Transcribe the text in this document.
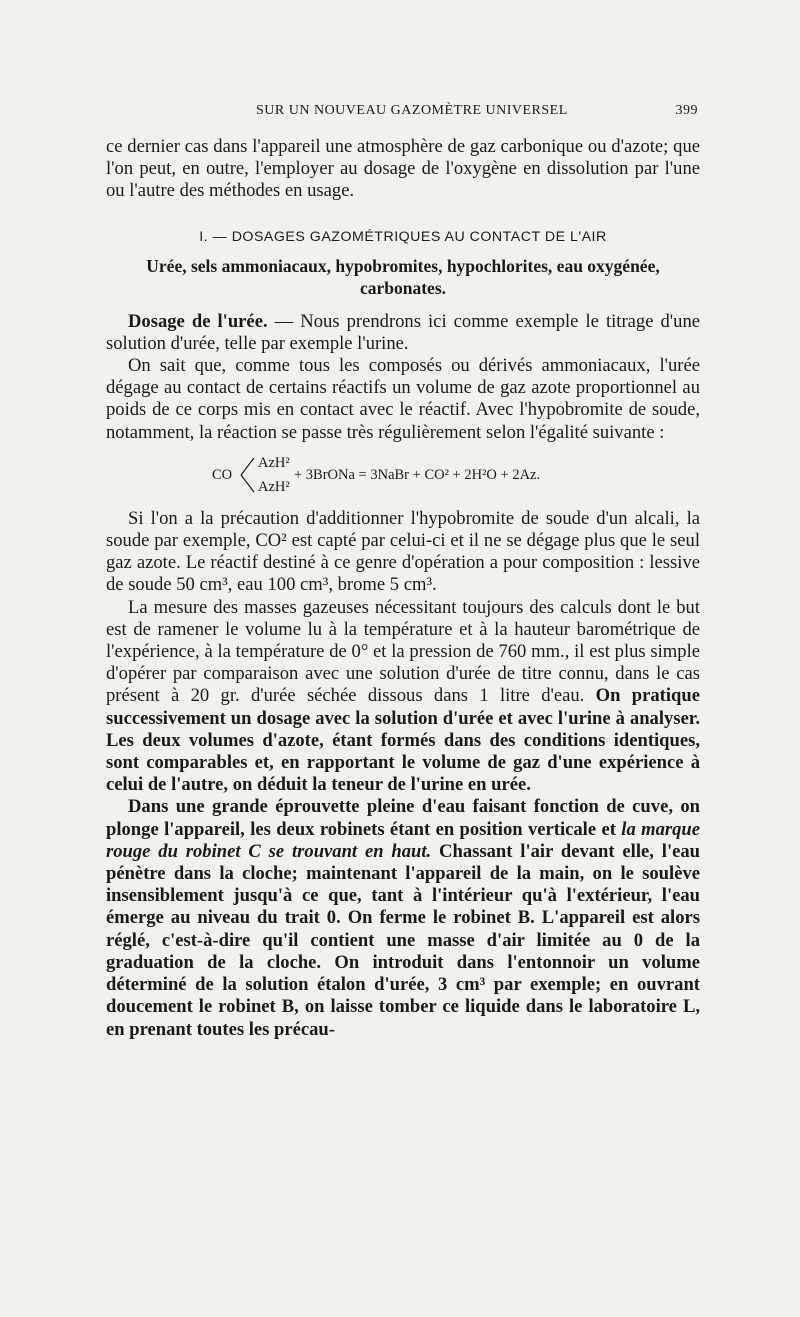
SUR UN NOUVEAU GAZOMÈTRE UNIVERSEL	399

ce dernier cas dans l'appareil une atmosphère de gaz carbonique ou d'azote; que l'on peut, en outre, l'employer au dosage de l'oxygène en dissolution par l'une ou l'autre des méthodes en usage.

I. — DOSAGES GAZOMÉTRIQUES AU CONTACT DE L'AIR
Urée, sels ammoniacaux, hypobromites, hypochlorites, eau oxygénée, carbonates.

Dosage de l'urée. — Nous prendrons ici comme exemple le titrage d'une solution d'urée, telle par exemple l'urine.

On sait que, comme tous les composés ou dérivés ammoniacaux, l'urée dégage au contact de certains réactifs un volume de gaz azote proportionnel au poids de ce corps mis en contact avec le réactif. Avec l'hypobromite de soude, notamment, la réaction se passe très régulièrement selon l'égalité suivante :

CO
AzH²
AzH²
+ 3BrONa = 3NaBr + CO² + 2H²O + 2Az.

Si l'on a la précaution d'additionner l'hypobromite de soude d'un alcali, la soude par exemple, CO² est capté par celui-ci et il ne se dégage plus que le seul gaz azote. Le réactif destiné à ce genre d'opération a pour composition : lessive de soude 50 cm³, eau 100 cm³, brome 5 cm³.

La mesure des masses gazeuses nécessitant toujours des calculs dont le but est de ramener le volume lu à la température et à la hauteur barométrique de l'expérience, à la température de 0° et la pression de 760 mm., il est plus simple d'opérer par comparaison avec une solution d'urée de titre connu, dans le cas présent à 20 gr. d'urée séchée dissous dans 1 litre d'eau. On pratique successivement un dosage avec la solution d'urée et avec l'urine à analyser. Les deux volumes d'azote, étant formés dans des conditions identiques, sont comparables et, en rapportant le volume de gaz d'une expérience à celui de l'autre, on déduit la teneur de l'urine en urée.

Dans une grande éprouvette pleine d'eau faisant fonction de cuve, on plonge l'appareil, les deux robinets étant en position verticale et la marque rouge du robinet C se trouvant en haut. Chassant l'air devant elle, l'eau pénètre dans la cloche; maintenant l'appareil de la main, on le soulève insensiblement jusqu'à ce que, tant à l'intérieur qu'à l'extérieur, l'eau émerge au niveau du trait 0. On ferme le robinet B. L'appareil est alors réglé, c'est-à-dire qu'il contient une masse d'air limitée au 0 de la graduation de la cloche. On introduit dans l'entonnoir un volume déterminé de la solution étalon d'urée, 3 cm³ par exemple; en ouvrant doucement le robinet B, on laisse tomber ce liquide dans le laboratoire L, en prenant toutes les précau-
